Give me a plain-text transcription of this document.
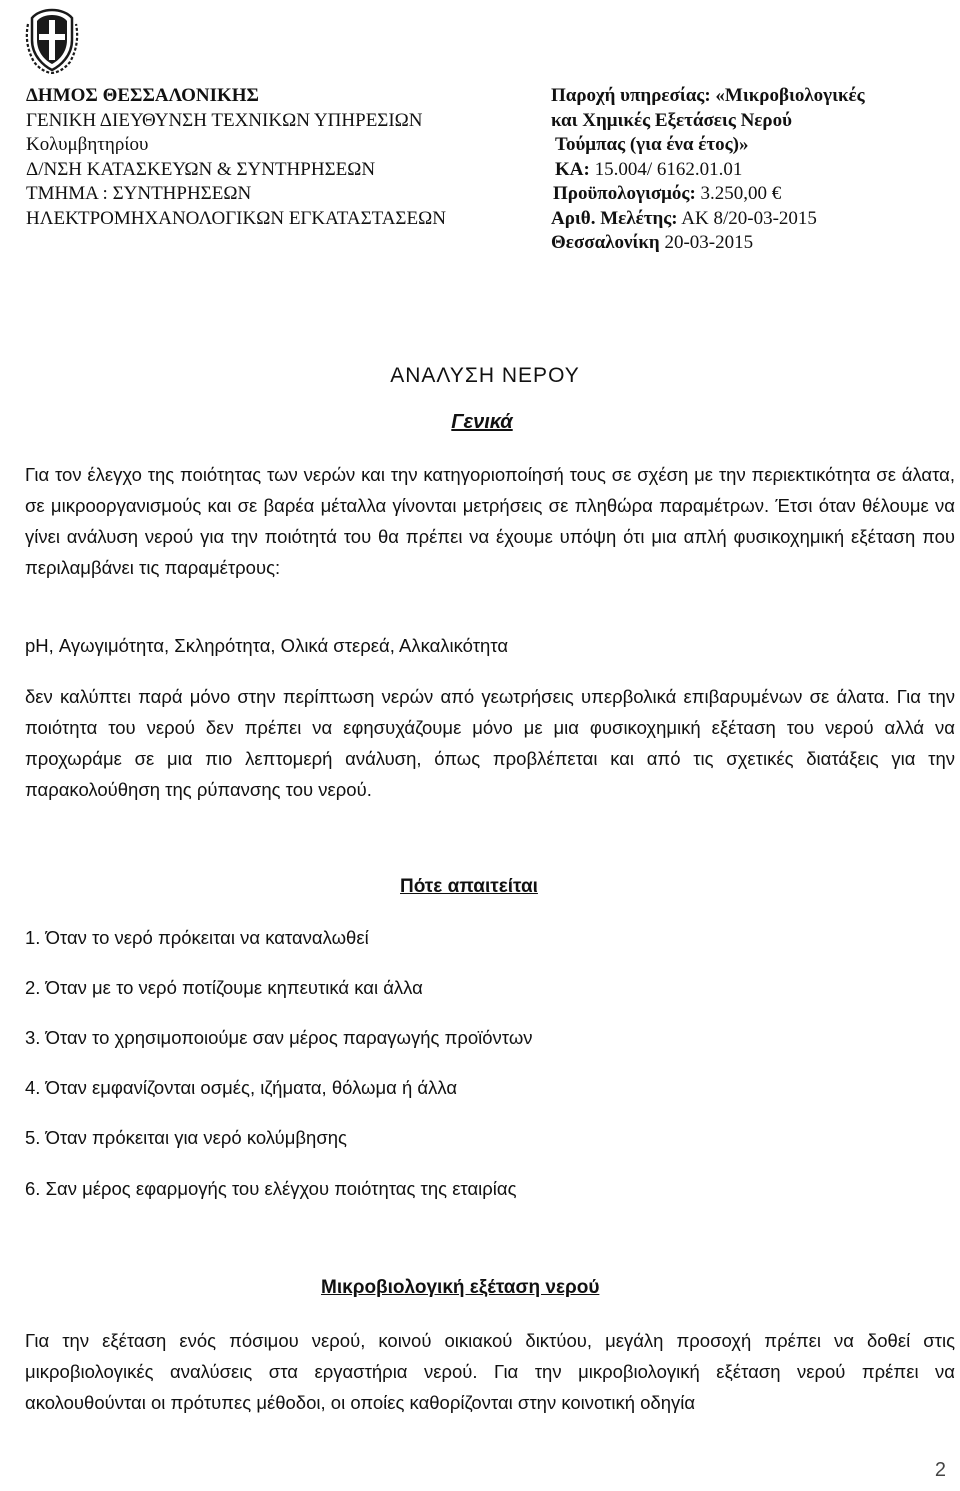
ΔΗΜΟΣ ΘΕΣΣΑΛΟΝΙΚΗΣ
ΓΕΝΙΚΗ ΔΙΕΥΘΥΝΣΗ ΤΕΧΝΙΚΩΝ ΥΠΗΡΕΣΙΩΝ
Κολυμβητηρίου
Δ/ΝΣΗ ΚΑΤΑΣΚΕΥΩΝ & ΣΥΝΤΗΡΗΣΕΩΝ
ΤΜΗΜΑ : ΣΥΝΤΗΡΗΣΕΩΝ
ΗΛΕΚΤΡΟΜΗΧΑΝΟΛΟΓΙΚΩΝ ΕΓΚΑΤΑΣΤΑΣΕΩΝ
Παροχή υπηρεσίας: «Μικροβιολογικές
και Χημικές Εξετάσεις Νερού
Τούμπας (για ένα έτος)»
ΚΑ: 15.004/ 6162.01.01
Προϋπολογισμός: 3.250,00 €
Αριθ. Μελέτης: ΑΚ 8/20-03-2015
Θεσσαλονίκη 20-03-2015
ΑΝΑΛΥΣΗ ΝΕΡΟΥ
Γενικά
Για τον έλεγχο της ποιότητας των νερών και την κατηγοριοποίησή τους σε σχέση με την περιεκτικότητα σε άλατα, σε μικροοργανισμούς και σε βαρέα μέταλλα γίνονται μετρήσεις σε πληθώρα παραμέτρων. Έτσι όταν θέλουμε να γίνει ανάλυση νερού για την ποιότητά του θα πρέπει να έχουμε υπόψη ότι μια απλή φυσικοχημική εξέταση που περιλαμβάνει τις παραμέτρους:
pH, Αγωγιμότητα, Σκληρότητα, Ολικά στερεά, Αλκαλικότητα
δεν καλύπτει παρά μόνο στην περίπτωση νερών από γεωτρήσεις υπερβολικά επιβαρυμένων σε άλατα. Για την ποιότητα του νερού δεν πρέπει να εφησυχάζουμε μόνο με μια φυσικοχημική εξέταση του νερού αλλά να προχωράμε σε μια πιο λεπτομερή ανάλυση, όπως προβλέπεται και από τις σχετικές διατάξεις για την παρακολούθηση της ρύπανσης του νερού.
Πότε απαιτείται
1. Όταν το νερό πρόκειται να καταναλωθεί
2. Όταν με το νερό ποτίζουμε κηπευτικά και άλλα
3. Όταν το χρησιμοποιούμε σαν μέρος παραγωγής προϊόντων
4. Όταν εμφανίζονται οσμές, ιζήματα, θόλωμα ή άλλα
5. Όταν πρόκειται για νερό κολύμβησης
6. Σαν μέρος εφαρμογής του ελέγχου ποιότητας της εταιρίας
Μικροβιολογική εξέταση νερού
Για την εξέταση ενός πόσιμου νερού, κοινού οικιακού δικτύου, μεγάλη προσοχή πρέπει να δοθεί στις μικροβιολογικές αναλύσεις στα εργαστήρια νερού. Για την μικροβιολογική εξέταση νερού πρέπει να ακολουθούνται οι πρότυπες μέθοδοι, οι οποίες καθορίζονται στην κοινοτική οδηγία
2
